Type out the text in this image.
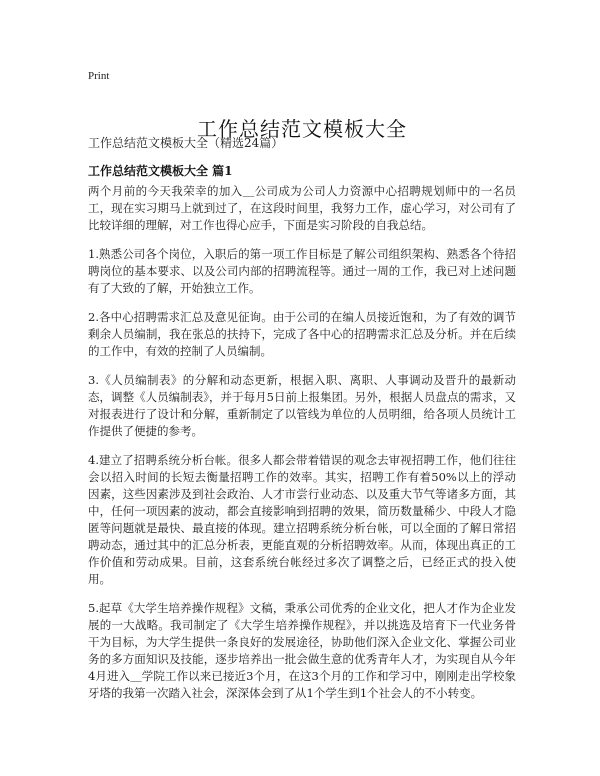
Print
工作总结范文模板大全
工作总结范文模板大全（精选24篇）
工作总结范文模板大全 篇1

两个月前的今天我荣幸的加入＿公司成为公司人力资源中心招聘规划师中的一名员工，现在实习期马上就到过了，在这段时间里，我努力工作，虚心学习，对公司有了比较详细的理解，对工作也得心应手，下面是实习阶段的自我总结。

1.熟悉公司各个岗位，入职后的第一项工作目标是了解公司组织架构、熟悉各个待招聘岗位的基本要求、以及公司内部的招聘流程等。通过一周的工作，我已对上述问题有了大致的了解，开始独立工作。

2.各中心招聘需求汇总及意见征询。由于公司的在编人员接近饱和，为了有效的调节剩余人员编制，我在张总的扶持下，完成了各中心的招聘需求汇总及分析。并在后续的工作中，有效的控制了人员编制。

3.《人员编制表》的分解和动态更新，根据入职、离职、人事调动及晋升的最新动态，调整《人员编制表》，并于每月5日前上报集团。另外，根据人员盘点的需求，又对报表进行了设计和分解，重新制定了以管线为单位的人员明细，给各项人员统计工作提供了便捷的参考。

4.建立了招聘系统分析台帐。很多人都会带着错误的观念去审视招聘工作，他们往往会以招入时间的长短去衡量招聘工作的效率。其实，招聘工作有着50%以上的浮动因素，这些因素涉及到社会政治、人才市尝行业动态、以及重大节气等诸多方面，其中，任何一项因素的波动，都会直接影响到招聘的效果，简历数量稀少、中段人才隐匿等问题就是最快、最直接的体现。建立招聘系统分析台帐，可以全面的了解日常招聘动态，通过其中的汇总分析表，更能直观的分析招聘效率。从而，体现出真正的工作价值和劳动成果。目前，这套系统台帐经过多次了调整之后，已经正式的投入使用。

5.起草《大学生培养操作规程》文稿，秉承公司优秀的企业文化，把人才作为企业发展的一大战略。我司制定了《大学生培养操作规程》，并以挑选及培育下一代业务骨干为目标，为大学生提供一条良好的发展途径，协助他们深入企业文化、掌握公司业务的多方面知识及技能，逐步培养出一批会做生意的优秀青年人才，为实现自从今年4月进入＿学院工作以来已接近3个月，在这3个月的工作和学习中，刚刚走出学校象牙塔的我第一次踏入社会，深深体会到了从1个学生到1个社会人的不小转变。
